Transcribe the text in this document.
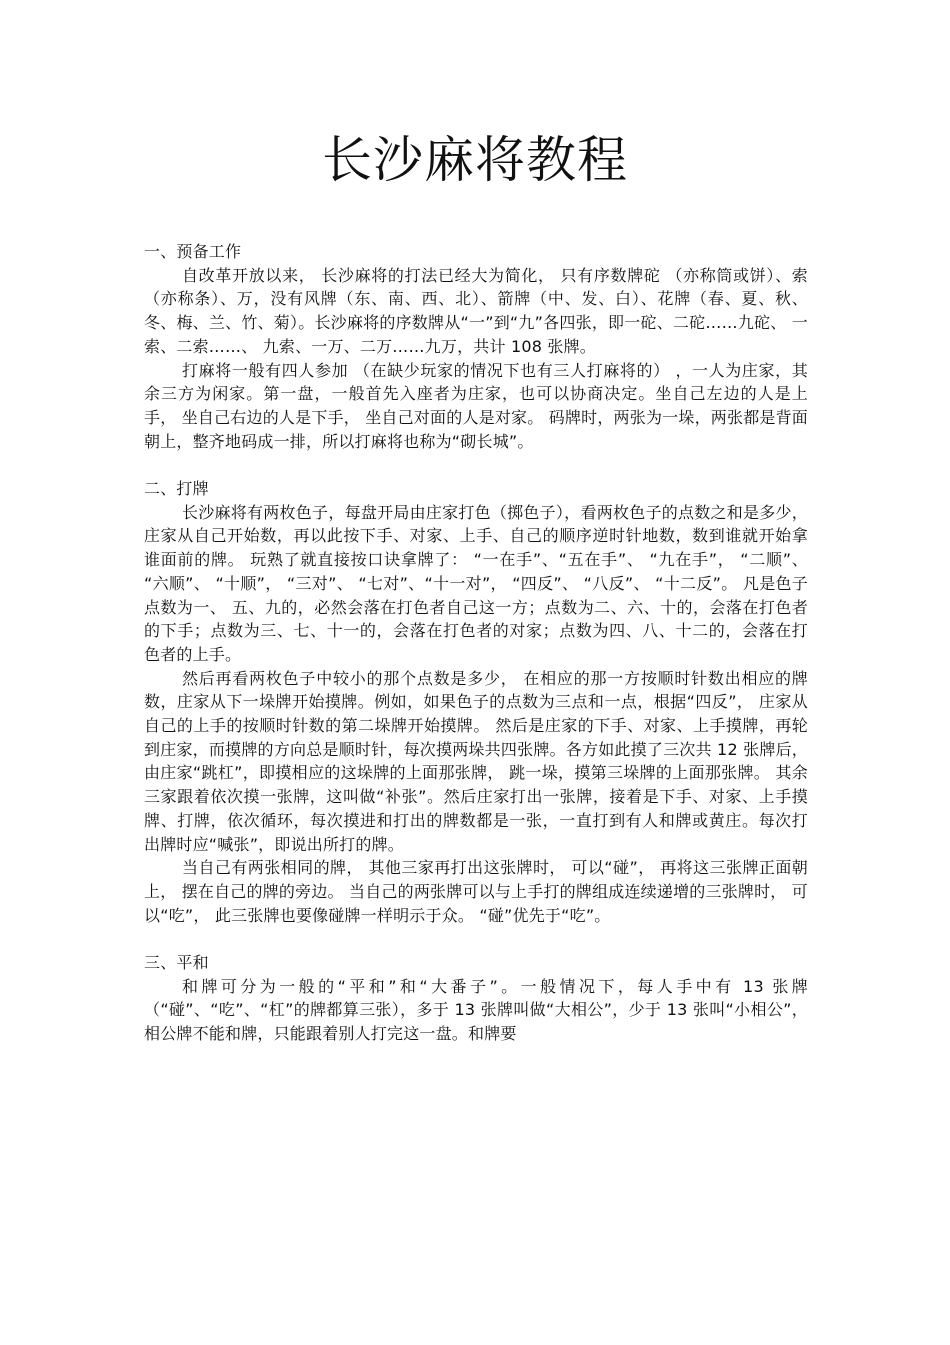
长沙麻将教程

一、预备工作

自改革开放以来， 长沙麻将的打法已经大为简化， 只有序数牌砣 （亦称筒或饼）、索（亦称条）、万，没有风牌（东、南、西、北）、箭牌（中、发、白）、花牌（春、夏、秋、冬、梅、兰、竹、菊）。长沙麻将的序数牌从“一”到“九”各四张，即一砣、二砣……九砣、 一索、二索……、 九索、一万、二万……九万，共计 108 张牌。

打麻将一般有四人参加 （在缺少玩家的情况下也有三人打麻将的） ，一人为庄家，其余三方为闲家。第一盘，一般首先入座者为庄家，也可以协商决定。坐自己左边的人是上手， 坐自己右边的人是下手， 坐自己对面的人是对家。 码牌时，两张为一垛，两张都是背面朝上，整齐地码成一排，所以打麻将也称为“砌长城”。

二、打牌

长沙麻将有两枚色子，每盘开局由庄家打色（掷色子），看两枚色子的点数之和是多少，庄家从自己开始数，再以此按下手、对家、上手、自己的顺序逆时针地数，数到谁就开始拿谁面前的牌。 玩熟了就直接按口诀拿牌了： “一在手”、“五在手”、 “九在手”， “二顺”、 “六顺”、 “十顺”， “三对”、 “七对”、“十一对”， “四反”、 “八反”、 “十二反”。 凡是色子点数为一、 五、九的，必然会落在打色者自己这一方；点数为二、六、十的，会落在打色者的下手；点数为三、七、十一的，会落在打色者的对家；点数为四、八、十二的，会落在打色者的上手。

然后再看两枚色子中较小的那个点数是多少， 在相应的那一方按顺时针数出相应的牌数，庄家从下一垛牌开始摸牌。例如，如果色子的点数为三点和一点，根据“四反”， 庄家从自己的上手的按顺时针数的第二垛牌开始摸牌。 然后是庄家的下手、对家、上手摸牌，再轮到庄家，而摸牌的方向总是顺时针，每次摸两垛共四张牌。各方如此摸了三次共 12 张牌后，由庄家“跳杠”，即摸相应的这垛牌的上面那张牌， 跳一垛，摸第三垛牌的上面那张牌。 其余三家跟着依次摸一张牌，这叫做“补张”。然后庄家打出一张牌，接着是下手、对家、上手摸牌、打牌，依次循环，每次摸进和打出的牌数都是一张，一直打到有人和牌或黄庄。每次打出牌时应“喊张”，即说出所打的牌。

当自己有两张相同的牌， 其他三家再打出这张牌时， 可以“碰”， 再将这三张牌正面朝上， 摆在自己的牌的旁边。 当自己的两张牌可以与上手打的牌组成连续递增的三张牌时， 可以“吃”， 此三张牌也要像碰牌一样明示于众。 “碰”优先于“吃”。

三、平和

和牌可分为一般的“平和”和“大番子”。一般情况下，每人手中有 13 张牌（“碰”、“吃”、“杠”的牌都算三张），多于 13 张牌叫做“大相公”，少于 13 张叫“小相公”，相公牌不能和牌，只能跟着别人打完这一盘。和牌要
